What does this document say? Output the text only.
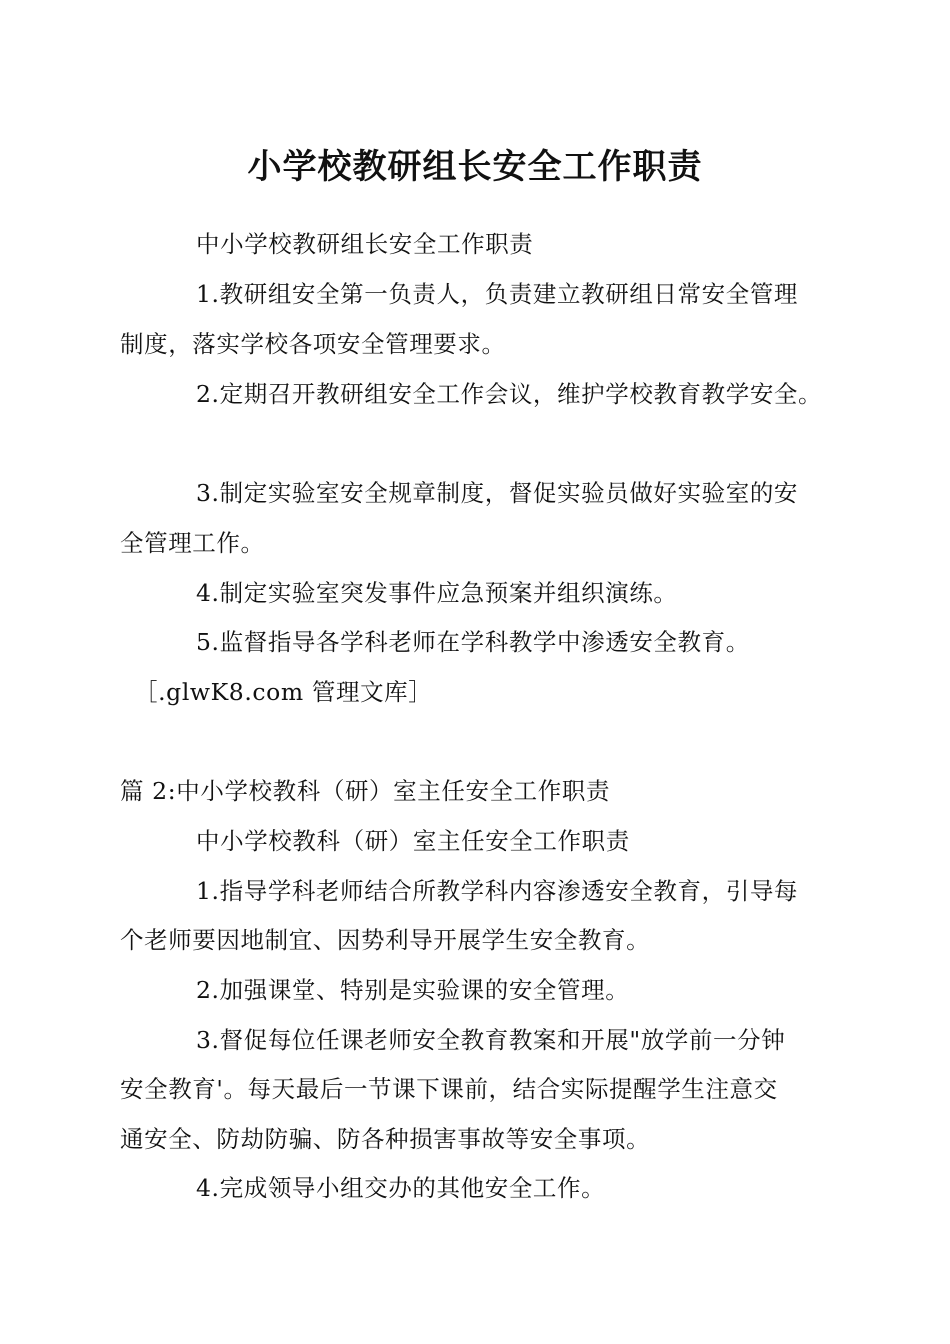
小学校教研组长安全工作职责
中小学校教研组长安全工作职责
1.教研组安全第一负责人，负责建立教研组日常安全管理
制度，落实学校各项安全管理要求。
2.定期召开教研组安全工作会议，维护学校教育教学安全。
3.制定实验室安全规章制度，督促实验员做好实验室的安
全管理工作。
4.制定实验室突发事件应急预案并组织演练。
5.监督指导各学科老师在学科教学中渗透安全教育。
［.glwK8.com 管理文库］
篇 2:中小学校教科（研）室主任安全工作职责
中小学校教科（研）室主任安全工作职责
1.指导学科老师结合所教学科内容渗透安全教育，引导每
个老师要因地制宜、因势利导开展学生安全教育。
2.加强课堂、特别是实验课的安全管理。
3.督促每位任课老师安全教育教案和开展"放学前一分钟
安全教育'。每天最后一节课下课前，结合实际提醒学生注意交
通安全、防劫防骗、防各种损害事故等安全事项。
4.完成领导小组交办的其他安全工作。
